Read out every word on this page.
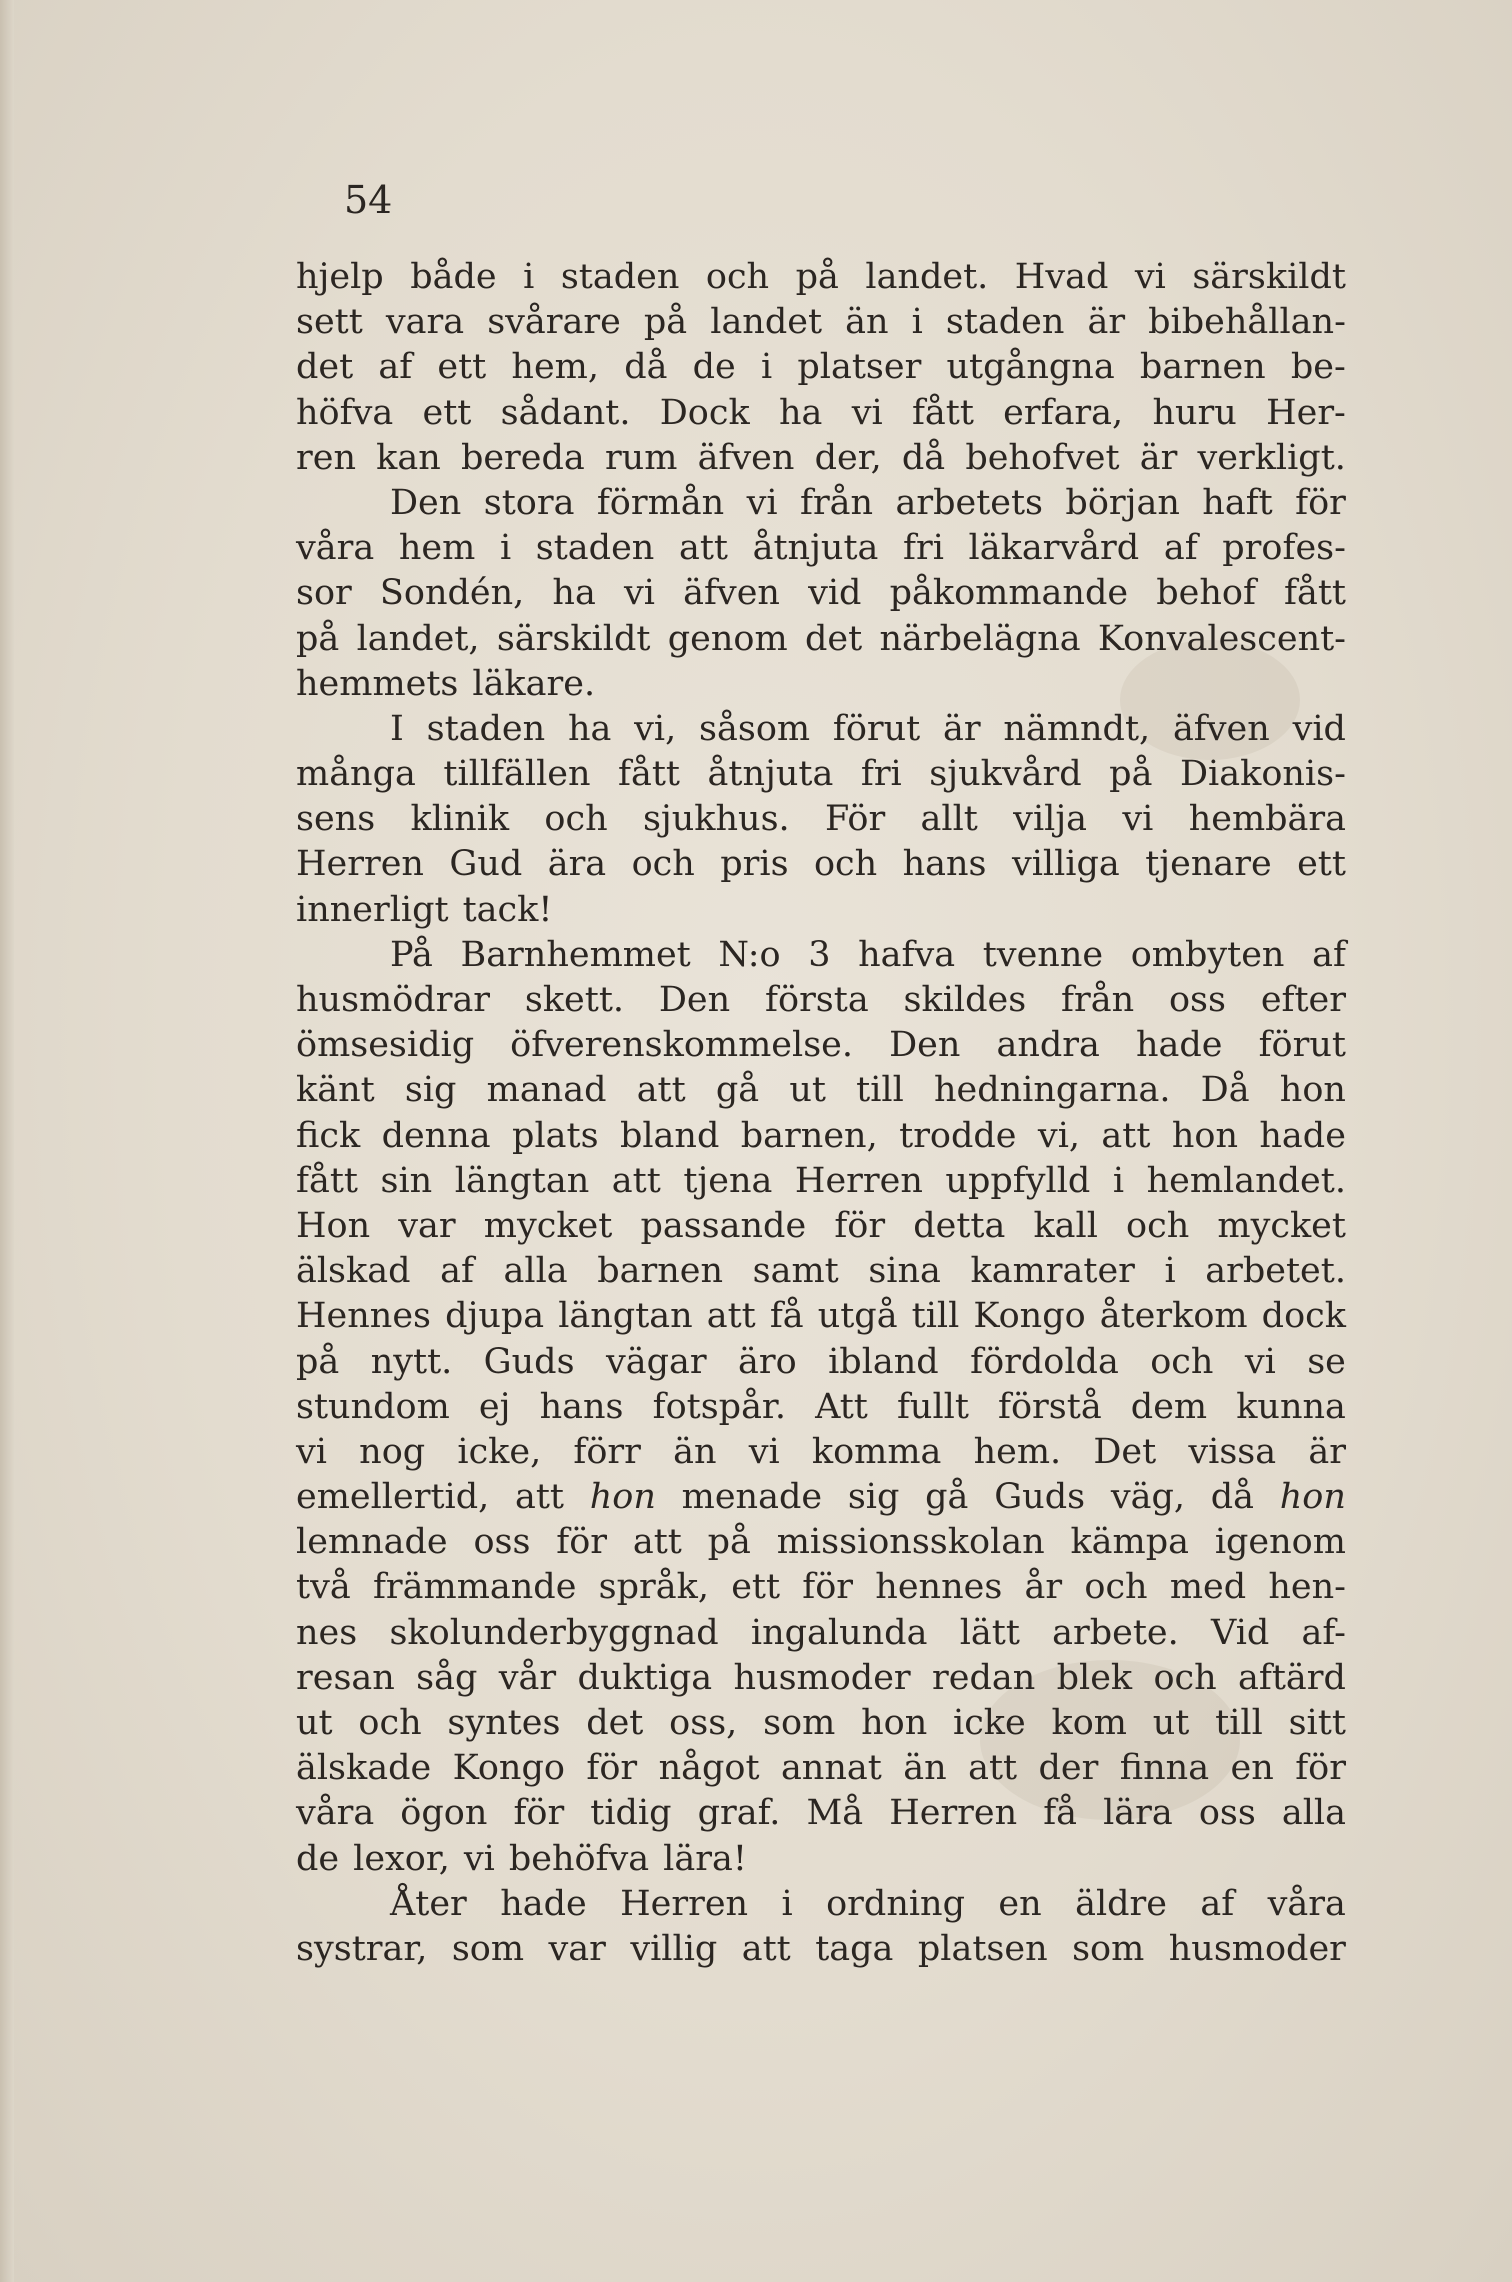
54

hjelp både i staden och på landet. Hvad vi särskildt
sett vara svårare på landet än i staden är bibehållan-
det af ett hem, då de i platser utgångna barnen be-
höfva ett sådant. Dock ha vi fått erfara, huru Her-
ren kan bereda rum äfven der, då behofvet är verkligt.
Den stora förmån vi från arbetets början haft för
våra hem i staden att åtnjuta fri läkarvård af profes-
sor Sondén, ha vi äfven vid påkommande behof fått
på landet, särskildt genom det närbelägna Konvalescent-
hemmets läkare.
I staden ha vi, såsom förut är nämndt, äfven vid
många tillfällen fått åtnjuta fri sjukvård på Diakonis-
sens klinik och sjukhus. För allt vilja vi hembära
Herren Gud ära och pris och hans villiga tjenare ett
innerligt tack!
På Barnhemmet N:o 3 hafva tvenne ombyten af
husmödrar skett. Den första skildes från oss efter
ömsesidig öfverenskommelse. Den andra hade förut
känt sig manad att gå ut till hedningarna. Då hon
fick denna plats bland barnen, trodde vi, att hon hade
fått sin längtan att tjena Herren uppfylld i hemlandet.
Hon var mycket passande för detta kall och mycket
älskad af alla barnen samt sina kamrater i arbetet.
Hennes djupa längtan att få utgå till Kongo återkom dock
på nytt. Guds vägar äro ibland fördolda och vi se
stundom ej hans fotspår. Att fullt förstå dem kunna
vi nog icke, förr än vi komma hem. Det vissa är
emellertid, att hon menade sig gå Guds väg, då hon
lemnade oss för att på missionsskolan kämpa igenom
två främmande språk, ett för hennes år och med hen-
nes skolunderbyggnad ingalunda lätt arbete. Vid af-
resan såg vår duktiga husmoder redan blek och aftärd
ut och syntes det oss, som hon icke kom ut till sitt
älskade Kongo för något annat än att der finna en för
våra ögon för tidig graf. Må Herren få lära oss alla
de lexor, vi behöfva lära!
Åter hade Herren i ordning en äldre af våra
systrar, som var villig att taga platsen som husmoder
